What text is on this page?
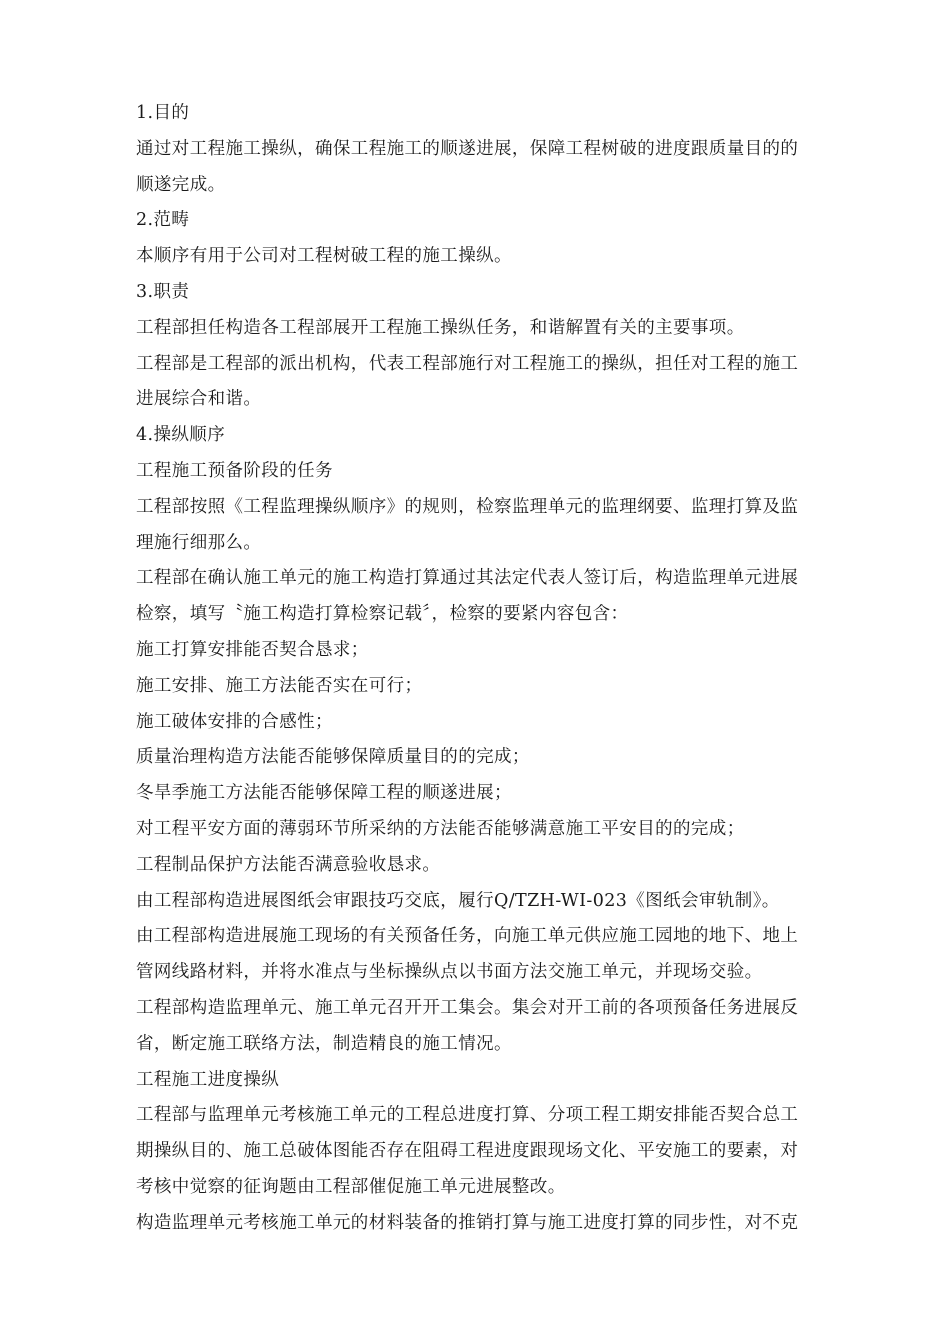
1.目的
通过对工程施工操纵，确保工程施工的顺遂进展，保障工程树破的进度跟质量目的的
顺遂完成。
2.范畴
本顺序有用于公司对工程树破工程的施工操纵。
3.职责
工程部担任构造各工程部展开工程施工操纵任务，和谐解置有关的主要事项。
工程部是工程部的派出机构，代表工程部施行对工程施工的操纵，担任对工程的施工
进展综合和谐。
4.操纵顺序
工程施工预备阶段的任务
工程部按照《工程监理操纵顺序》的规则，检察监理单元的监理纲要、监理打算及监
理施行细那么。
工程部在确认施工单元的施工构造打算通过其法定代表人签订后，构造监理单元进展
检察，填写〝施工构造打算检察记载〞，检察的要紧内容包含：
施工打算安排能否契合恳求；
施工安排、施工方法能否实在可行；
施工破体安排的合感性；
质量治理构造方法能否能够保障质量目的的完成；
冬旱季施工方法能否能够保障工程的顺遂进展；
对工程平安方面的薄弱环节所采纳的方法能否能够满意施工平安目的的完成；
工程制品保护方法能否满意验收恳求。
由工程部构造进展图纸会审跟技巧交底，履行Q/TZH-WI-023《图纸会审轨制》。
由工程部构造进展施工现场的有关预备任务，向施工单元供应施工园地的地下、地上
管网线路材料，并将水准点与坐标操纵点以书面方法交施工单元，并现场交验。
工程部构造监理单元、施工单元召开开工集会。集会对开工前的各项预备任务进展反
省，断定施工联络方法，制造精良的施工情况。
工程施工进度操纵
工程部与监理单元考核施工单元的工程总进度打算、分项工程工期安排能否契合总工
期操纵目的、施工总破体图能否存在阻碍工程进度跟现场文化、平安施工的要素，对
考核中觉察的征询题由工程部催促施工单元进展整改。
构造监理单元考核施工单元的材料装备的推销打算与施工进度打算的同步性，对不克
